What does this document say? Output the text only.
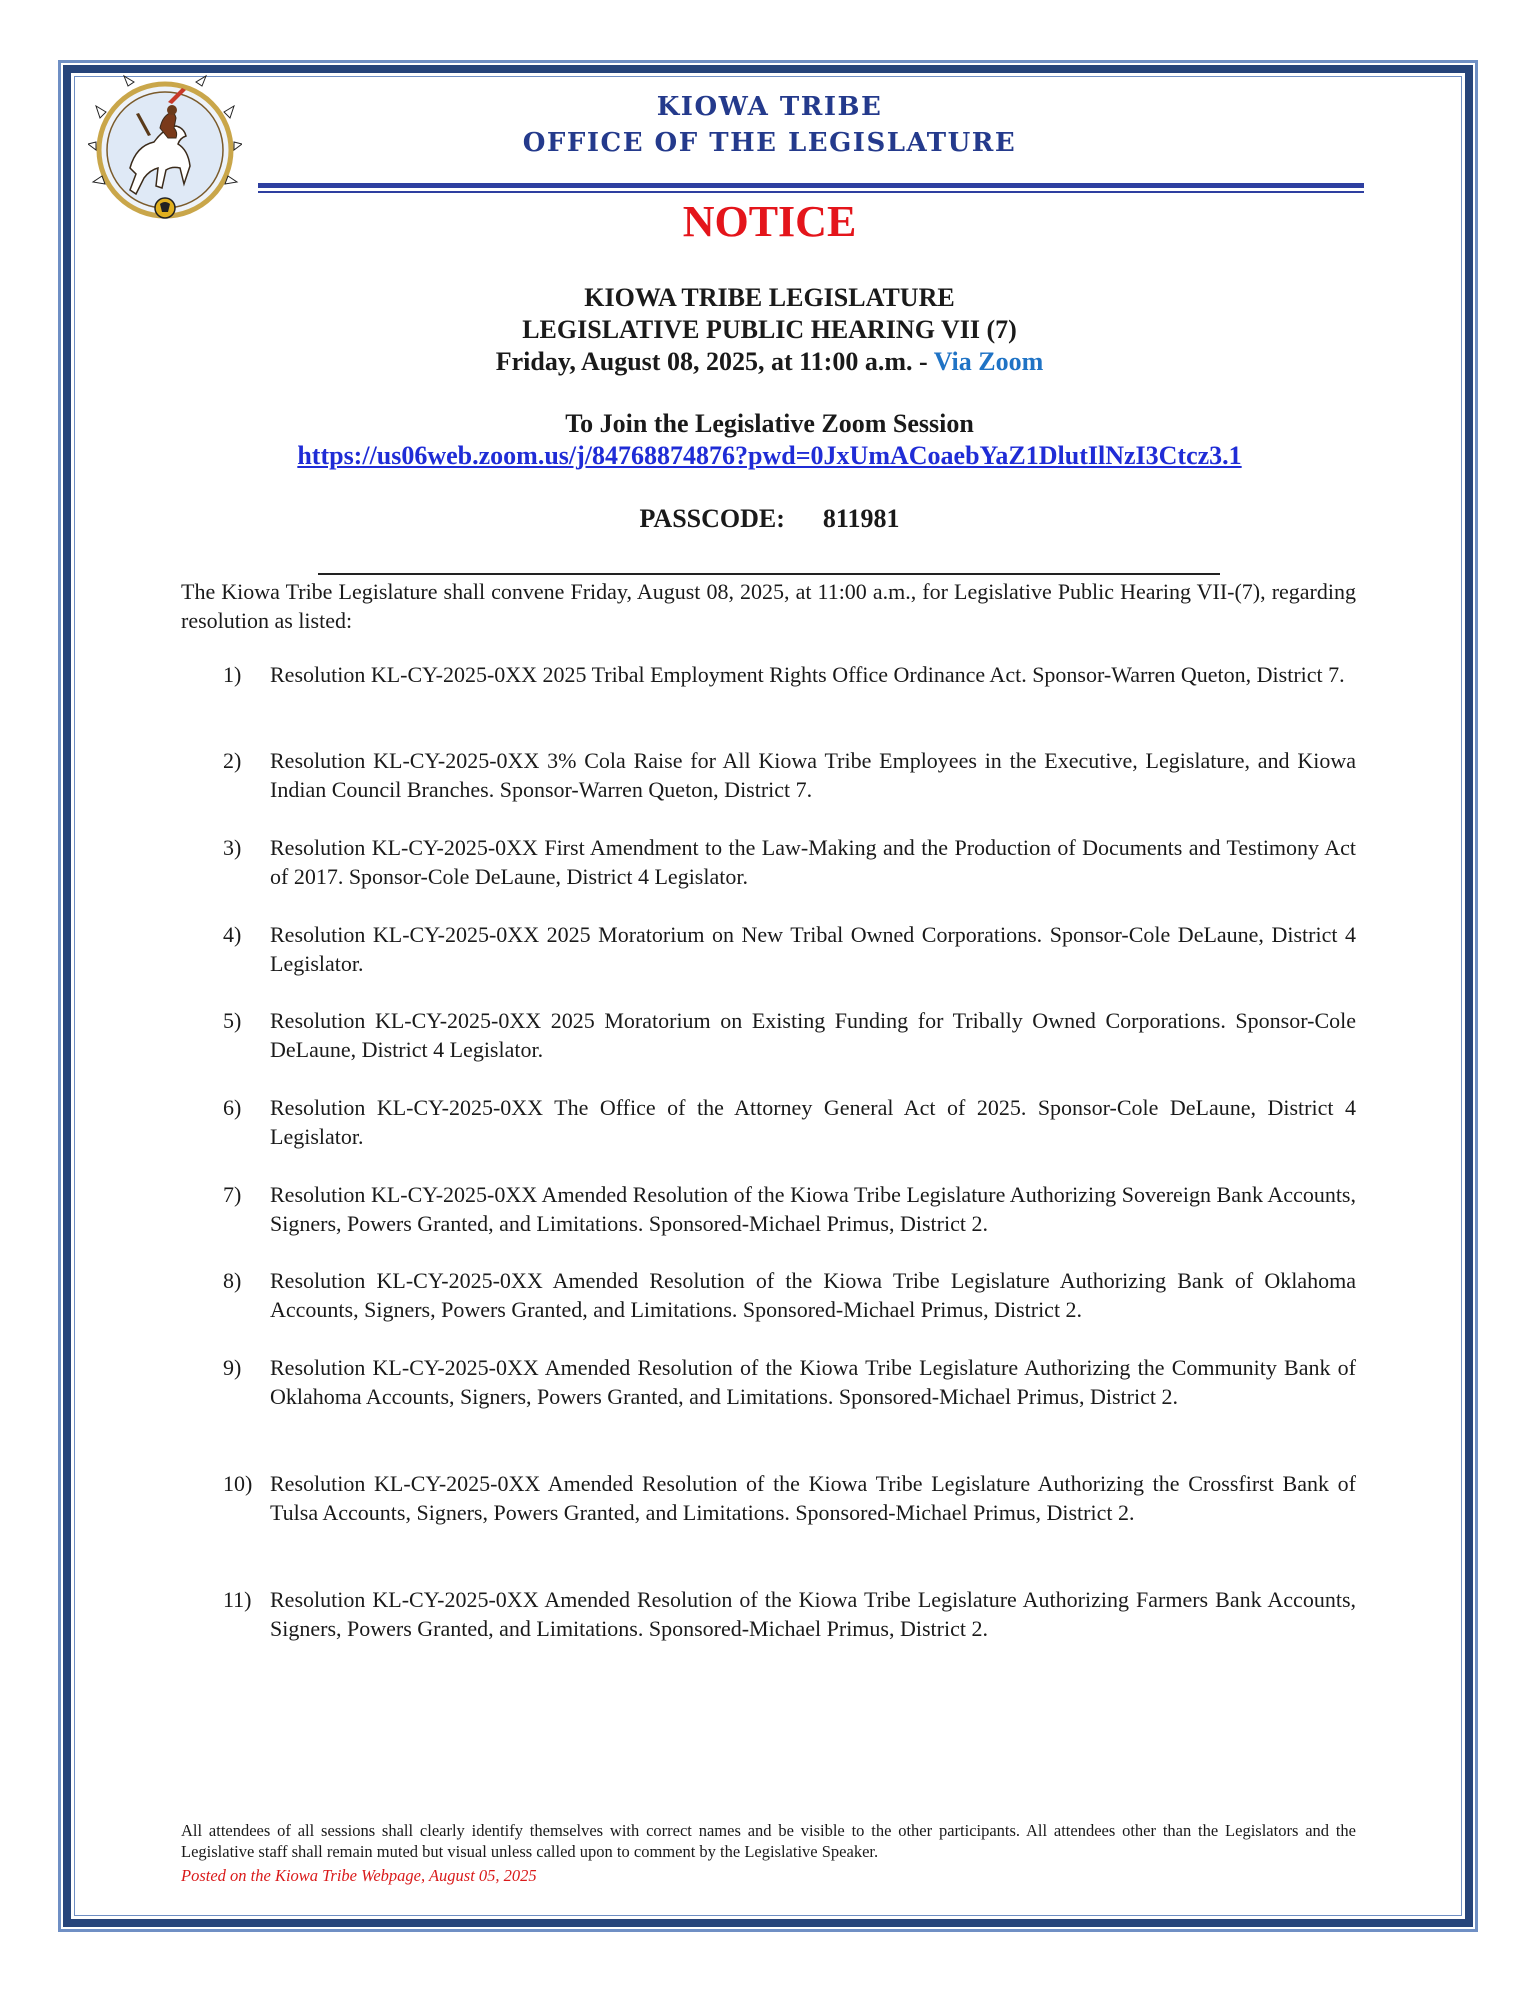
KIOWA TRIBE
OFFICE OF THE LEGISLATURE
NOTICE
KIOWA TRIBE LEGISLATURE
LEGISLATIVE PUBLIC HEARING VII (7)
Friday, August 08, 2025, at 11:00 a.m. - Via Zoom
To Join the Legislative Zoom Session
https://us06web.zoom.us/j/84768874876?pwd=0JxUmACoaebYaZ1DlutIlNzI3Ctcz3.1
PASSCODE: 811981
The Kiowa Tribe Legislature shall convene Friday, August 08, 2025, at 11:00 a.m., for Legislative Public Hearing VII-(7), regarding resolution as listed:
1)	Resolution KL-CY-2025-0XX 2025 Tribal Employment Rights Office Ordinance Act. Sponsor-Warren Queton, District 7.
2)	Resolution KL-CY-2025-0XX 3% Cola Raise for All Kiowa Tribe Employees in the Executive, Legislature, and Kiowa Indian Council Branches. Sponsor-Warren Queton, District 7.
3)	Resolution KL-CY-2025-0XX First Amendment to the Law-Making and the Production of Documents and Testimony Act of 2017. Sponsor-Cole DeLaune, District 4 Legislator.
4)	Resolution KL-CY-2025-0XX 2025 Moratorium on New Tribal Owned Corporations. Sponsor-Cole DeLaune, District 4 Legislator.
5)	Resolution KL-CY-2025-0XX 2025 Moratorium on Existing Funding for Tribally Owned Corporations. Sponsor-Cole DeLaune, District 4 Legislator.
6)	Resolution KL-CY-2025-0XX The Office of the Attorney General Act of 2025. Sponsor-Cole DeLaune, District 4 Legislator.
7)	Resolution KL-CY-2025-0XX Amended Resolution of the Kiowa Tribe Legislature Authorizing Sovereign Bank Accounts, Signers, Powers Granted, and Limitations. Sponsored-Michael Primus, District 2.
8)	Resolution KL-CY-2025-0XX Amended Resolution of the Kiowa Tribe Legislature Authorizing Bank of Oklahoma Accounts, Signers, Powers Granted, and Limitations. Sponsored-Michael Primus, District 2.
9)	Resolution KL-CY-2025-0XX Amended Resolution of the Kiowa Tribe Legislature Authorizing the Community Bank of Oklahoma Accounts, Signers, Powers Granted, and Limitations. Sponsored-Michael Primus, District 2.
10) Resolution KL-CY-2025-0XX Amended Resolution of the Kiowa Tribe Legislature Authorizing the Crossfirst Bank of Tulsa Accounts, Signers, Powers Granted, and Limitations. Sponsored-Michael Primus, District 2.
11) Resolution KL-CY-2025-0XX Amended Resolution of the Kiowa Tribe Legislature Authorizing Farmers Bank Accounts, Signers, Powers Granted, and Limitations. Sponsored-Michael Primus, District 2.
All attendees of all sessions shall clearly identify themselves with correct names and be visible to the other participants. All attendees other than the Legislators and the Legislative staff shall remain muted but visual unless called upon to comment by the Legislative Speaker.
Posted on the Kiowa Tribe Webpage, August 05, 2025
